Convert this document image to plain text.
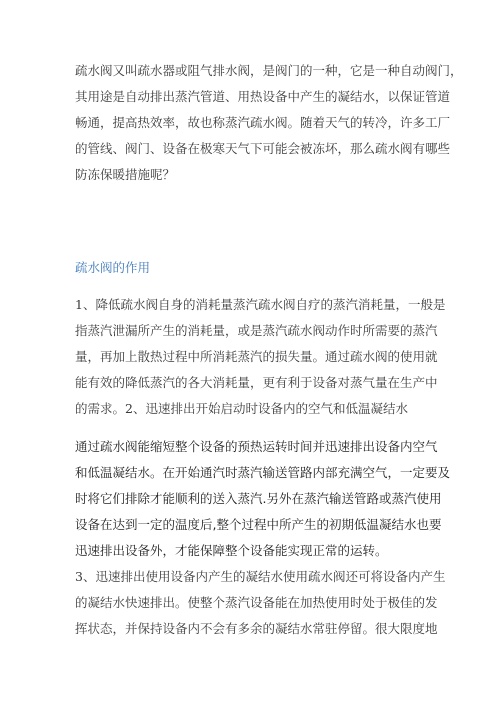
疏水阀又叫疏水器或阻气排水阀，是阀门的一种，它是一种自动阀门，
其用途是自动排出蒸汽管道、用热设备中产生的凝结水，以保证管道
畅通，提高热效率，故也称蒸汽疏水阀。随着天气的转冷，许多工厂
的管线、阀门、设备在极寒天气下可能会被冻坏，那么疏水阀有哪些
防冻保暖措施呢？

疏水阀的作用

1、降低疏水阀自身的消耗量蒸汽疏水阀自疗的蒸汽消耗量，一般是
指蒸汽泄漏所产生的消耗量，或是蒸汽疏水阀动作时所需要的蒸汽
量，再加上散热过程中所消耗蒸汽的损失量。通过疏水阀的使用就
能有效的降低蒸汽的各大消耗量，更有利于设备对蒸气量在生产中
的需求。2、迅速排出开始启动时设备内的空气和低温凝结水

通过疏水阀能缩短整个设备的预热运转时间并迅速排出设备内空气
和低温凝结水。在开始通汽时蒸汽输送管路内部充满空气，一定要及
时将它们排除才能顺利的送入蒸汽.另外在蒸汽输送管路或蒸汽使用
设备在达到一定的温度后,整个过程中所产生的初期低温凝结水也要
迅速排出设备外，才能保障整个设备能实现正常的运转。

3、迅速排出使用设备内产生的凝结水使用疏水阀还可将设备内产生
的凝结水快速排出。使整个蒸汽设备能在加热使用时处于极佳的发
挥状态，并保持设备内不会有多余的凝结水常驻停留。很大限度地
